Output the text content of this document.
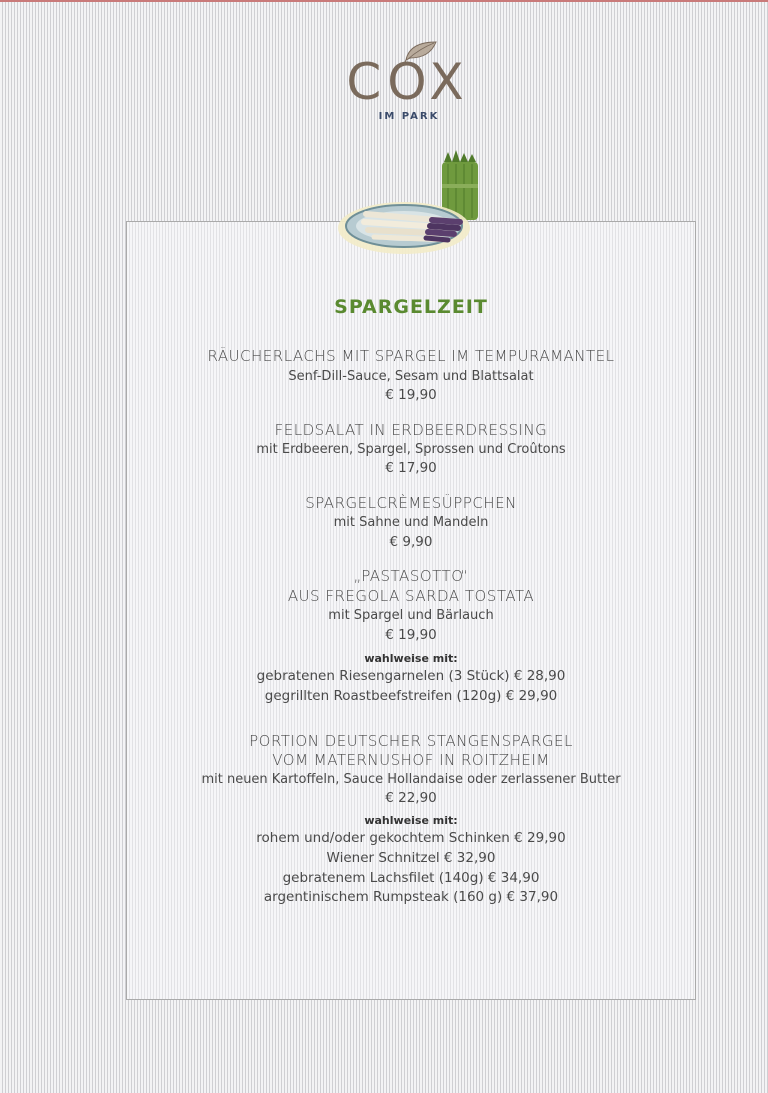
COX
IM PARK
SPARGELZEIT
RÄUCHERLACHS MIT SPARGEL IM TEMPURAMANTEL
Senf-Dill-Sauce, Sesam und Blattsalat
€ 19,90
FELDSALAT IN ERDBEERDRESSING
mit Erdbeeren, Spargel, Sprossen und Croûtons
€ 17,90
SPARGELCRÈMESÜPPCHEN
mit Sahne und Mandeln
€ 9,90
„PASTASOTTO“
AUS FREGOLA SARDA TOSTATA
mit Spargel und Bärlauch
€ 19,90
wahlweise mit:
gebratenen Riesengarnelen (3 Stück) € 28,90
gegrillten Roastbeefstreifen (120g) € 29,90
PORTION DEUTSCHER STANGENSPARGEL
VOM MATERNUSHOF IN ROITZHEIM
mit neuen Kartoffeln, Sauce Hollandaise oder zerlassener Butter
€ 22,90
wahlweise mit:
rohem und/oder gekochtem Schinken € 29,90
Wiener Schnitzel € 32,90
gebratenem Lachsfilet (140g) € 34,90
argentinischem Rumpsteak (160 g) € 37,90
